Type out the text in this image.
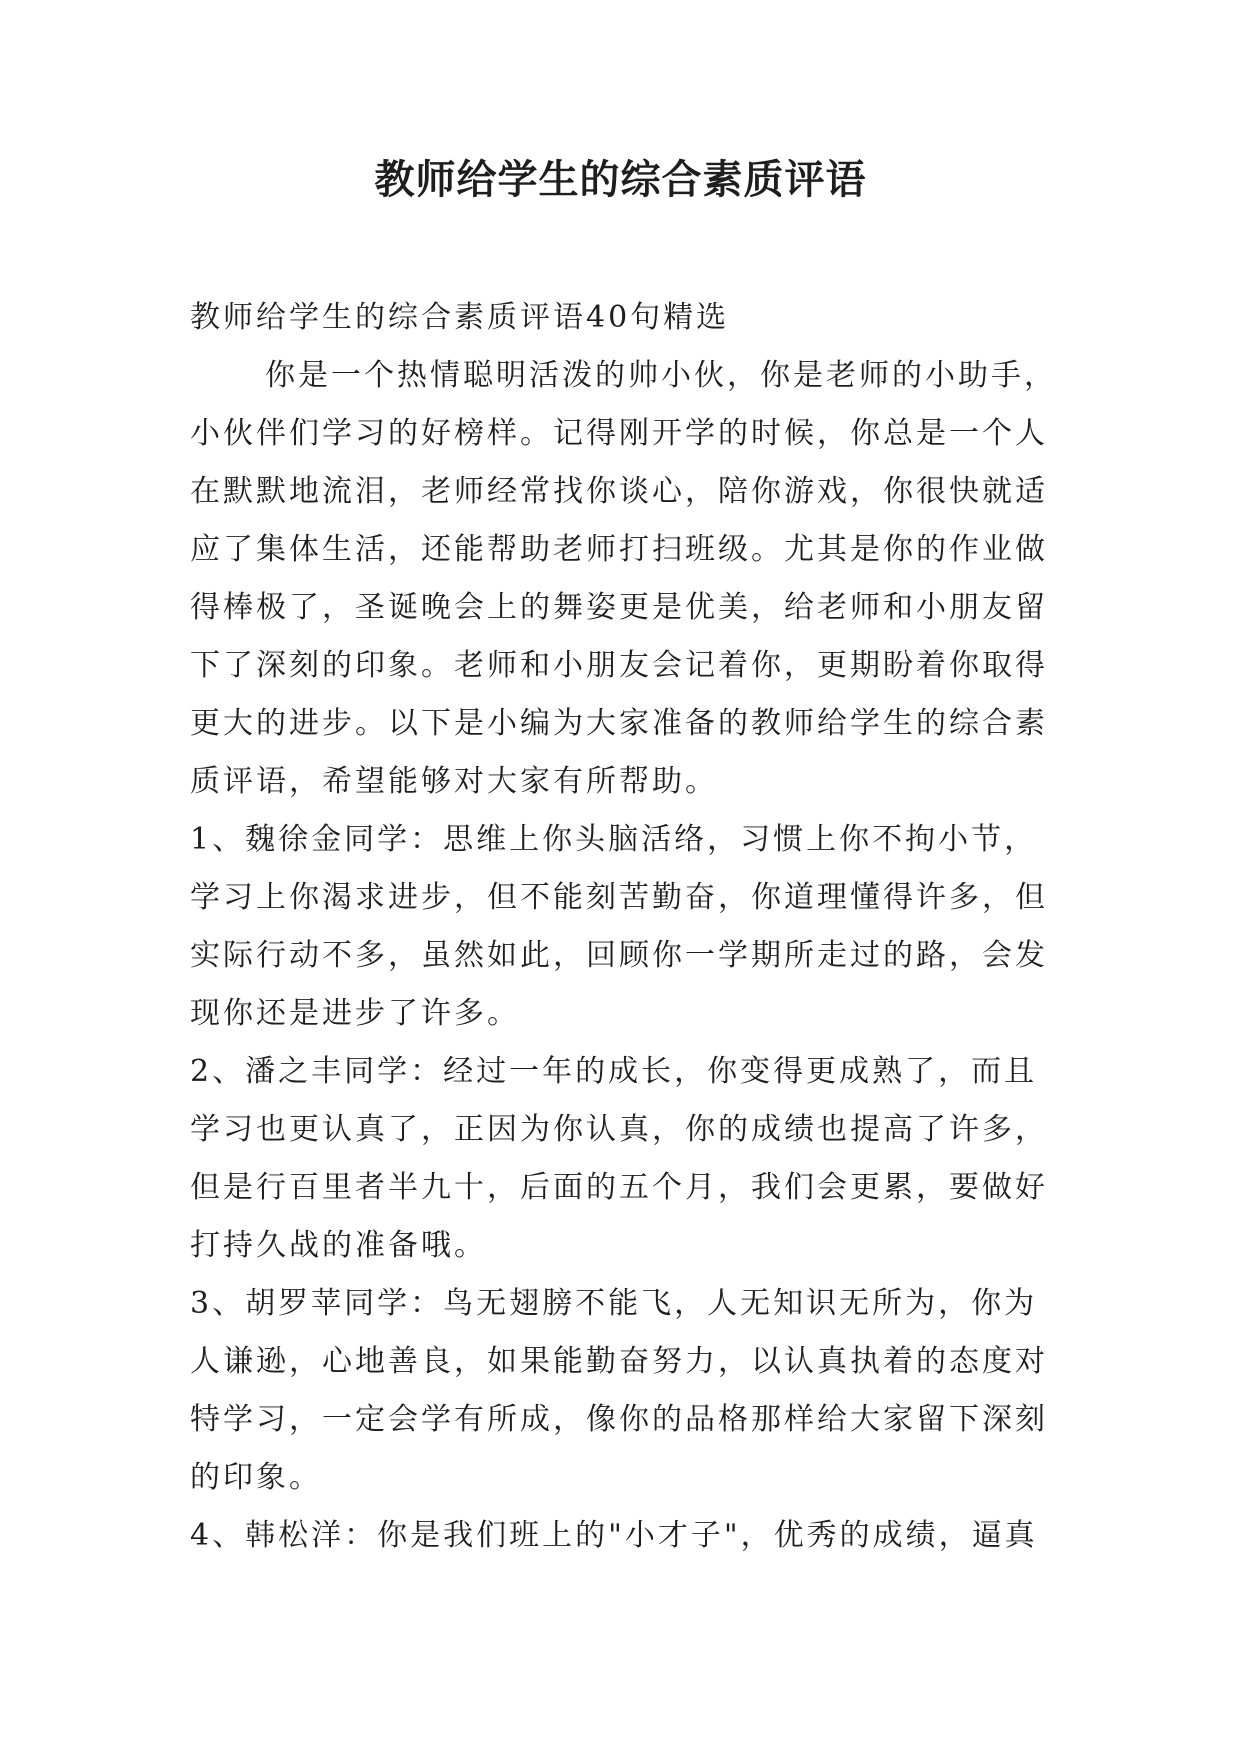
教师给学生的综合素质评语
教师给学生的综合素质评语40句精选
你是一个热情聪明活泼的帅小伙，你是老师的小助手，
小伙伴们学习的好榜样。记得刚开学的时候，你总是一个人
在默默地流泪，老师经常找你谈心，陪你游戏，你很快就适
应了集体生活，还能帮助老师打扫班级。尤其是你的作业做
得棒极了，圣诞晚会上的舞姿更是优美，给老师和小朋友留
下了深刻的印象。老师和小朋友会记着你，更期盼着你取得
更大的进步。以下是小编为大家准备的教师给学生的综合素
质评语，希望能够对大家有所帮助。
1、魏徐金同学：思维上你头脑活络，习惯上你不拘小节，
学习上你渴求进步，但不能刻苦勤奋，你道理懂得许多，但
实际行动不多，虽然如此，回顾你一学期所走过的路，会发
现你还是进步了许多。
2、潘之丰同学：经过一年的成长，你变得更成熟了，而且
学习也更认真了，正因为你认真，你的成绩也提高了许多，
但是行百里者半九十，后面的五个月，我们会更累，要做好
打持久战的准备哦。
3、胡罗苹同学：鸟无翅膀不能飞，人无知识无所为，你为
人谦逊，心地善良，如果能勤奋努力，以认真执着的态度对
特学习，一定会学有所成，像你的品格那样给大家留下深刻
的印象。
4、韩松洋：你是我们班上的"小才子"，优秀的成绩，逼真
